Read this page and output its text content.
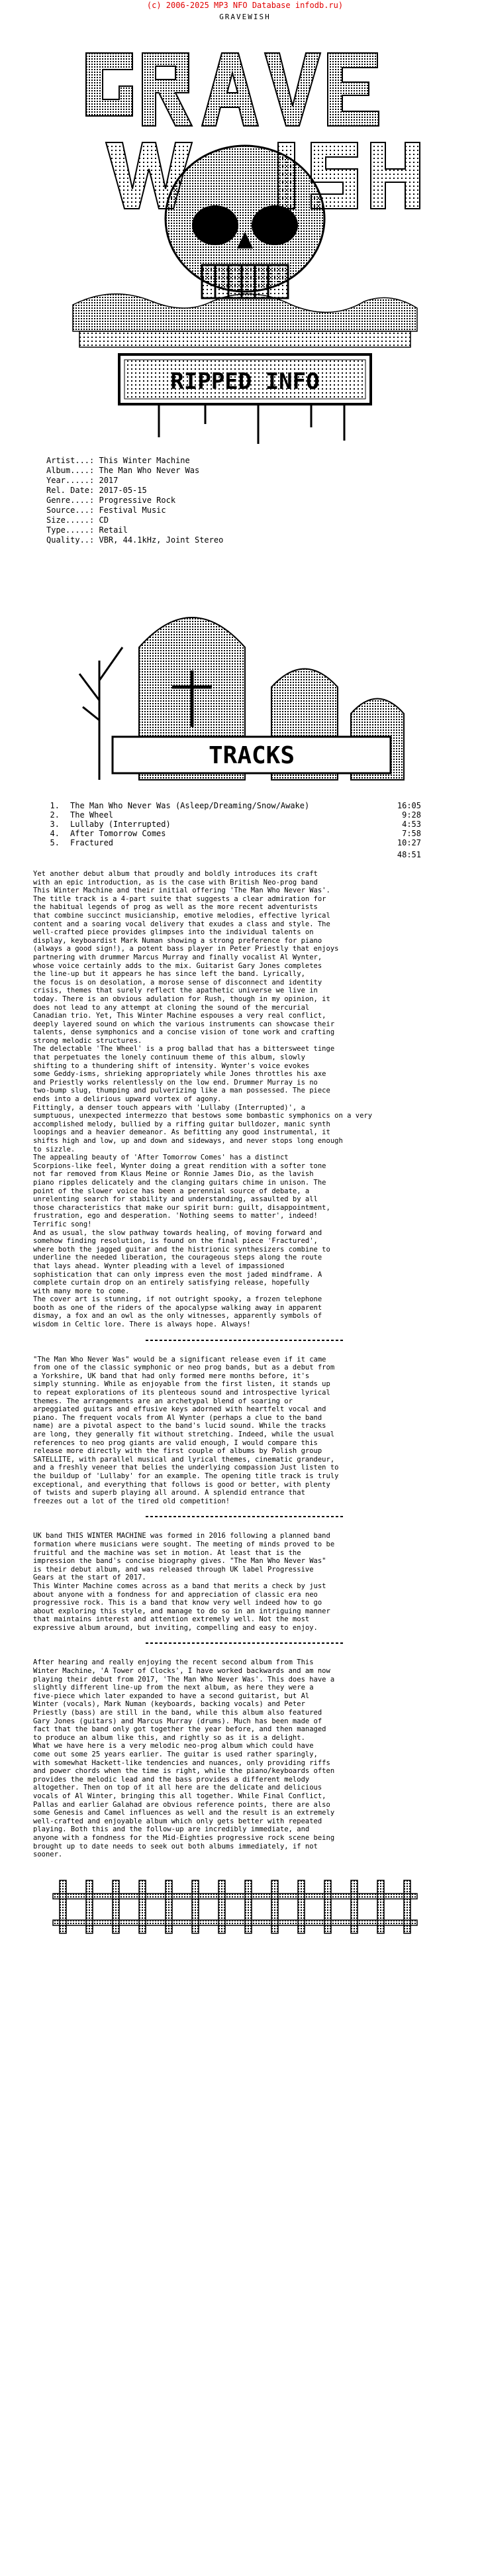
(c) 2006-2025 MP3 NFO Database infodb.ru)
GRAVEWISH
RIPPED INFO
Artist...: This Winter Machine
Album....: The Man Who Never Was
Year.....: 2017
Rel. Date: 2017-05-15
Genre....: Progressive Rock
Source...: Festival Music
Size.....: CD
Type.....: Retail
Quality..: VBR, 44.1kHz, Joint Stereo
TRACKS
1.	The Man Who Never Was (Asleep/Dreaming/Snow/Awake)	16:05
2.	The Wheel	9:28
3.	Lullaby (Interrupted)	4:53
4.	After Tomorrow Comes	7:58
5.	Fractured	10:27
48:51
Yet another debut album that proudly and boldly introduces its craft
with an epic introduction, as is the case with British Neo-prog band
This Winter Machine and their initial offering 'The Man Who Never Was'.
The title track is a 4-part suite that suggests a clear admiration for
the habitual legends of prog as well as the more recent adventurists
that combine succinct musicianship, emotive melodies, effective lyrical
content and a soaring vocal delivery that exudes a class and style. The
well-crafted piece provides glimpses into the individual talents on
display, keyboardist Mark Numan showing a strong preference for piano
(always a good sign!), a potent bass player in Peter Priestly that enjoys
partnering with drummer Marcus Murray and finally vocalist Al Wynter,
whose voice certainly adds to the mix. Guitarist Gary Jones completes
the line-up but it appears he has since left the band. Lyrically,
the focus is on desolation, a morose sense of disconnect and identity
crisis, themes that surely reflect the apathetic universe we live in
today. There is an obvious adulation for Rush, though in my opinion, it
does not lead to any attempt at cloning the sound of the mercurial
Canadian trio. Yet, This Winter Machine espouses a very real conflict,
deeply layered sound on which the various instruments can showcase their
talents, dense symphonics and a concise vision of tone work and crafting
strong melodic structures.
The delectable 'The Wheel' is a prog ballad that has a bittersweet tinge
that perpetuates the lonely continuum theme of this album, slowly
shifting to a thundering shift of intensity. Wynter's voice evokes
some Geddy-isms, shrieking appropriately while Jones throttles his axe
and Priestly works relentlessly on the low end. Drummer Murray is no
two-bump slug, thumping and pulverizing like a man possessed. The piece
ends into a delirious upward vortex of agony.
Fittingly, a denser touch appears with 'Lullaby (Interrupted)', a
sumptuous, unexpected intermezzo that bestows some bombastic symphonics on a very
accomplished melody, bullied by a riffing guitar bulldozer, manic synth
loopings and a heavier demeanor. As befitting any good instrumental, it
shifts high and low, up and down and sideways, and never stops long enough
to sizzle.
The appealing beauty of 'After Tomorrow Comes' has a distinct
Scorpions-like feel, Wynter doing a great rendition with a softer tone
not far removed from Klaus Meine or Ronnie James Dio, as the lavish
piano ripples delicately and the clanging guitars chime in unison. The
point of the slower voice has been a perennial source of debate, a
unrelenting search for stability and understanding, assaulted by all
those characteristics that make our spirit burn: guilt, disappointment,
frustration, ego and desperation. 'Nothing seems to matter', indeed!
Terrific song!
And as usual, the slow pathway towards healing, of moving forward and
somehow finding resolution, is found on the final piece 'Fractured',
where both the jagged guitar and the histrionic synthesizers combine to
underline the needed liberation, the courageous steps along the route
that lays ahead. Wynter pleading with a level of impassioned
sophistication that can only impress even the most jaded mindframe. A
complete curtain drop on an entirely satisfying release, hopefully
with many more to come.
The cover art is stunning, if not outright spooky, a frozen telephone
booth as one of the riders of the apocalypse walking away in apparent
dismay, a fox and an owl as the only witnesses, apparently symbols of
wisdom in Celtic lore. There is always hope. Always!
"The Man Who Never Was" would be a significant release even if it came
from one of the classic symphonic or neo prog bands, but as a debut from
a Yorkshire, UK band that had only formed mere months before, it's
simply stunning. While as enjoyable from the first listen, it stands up
to repeat explorations of its plenteous sound and introspective lyrical
themes. The arrangements are an archetypal blend of soaring or
arpeggiated guitars and effusive keys adorned with heartfelt vocal and
piano. The frequent vocals from Al Wynter (perhaps a clue to the band
name) are a pivotal aspect to the band's lucid sound. While the tracks
are long, they generally fit without stretching. Indeed, while the usual
references to neo prog giants are valid enough, I would compare this
release more directly with the first couple of albums by Polish group
SATELLITE, with parallel musical and lyrical themes, cinematic grandeur,
and a freshly veneer that belies the underlying compassion Just listen to
the buildup of 'Lullaby' for an example. The opening title track is truly
exceptional, and everything that follows is good or better, with plenty
of twists and superb playing all around. A splendid entrance that
freezes out a lot of the tired old competition!
UK band THIS WINTER MACHINE was formed in 2016 following a planned band
formation where musicians were sought. The meeting of minds proved to be
fruitful and the machine was set in motion. At least that is the
impression the band's concise biography gives. "The Man Who Never Was"
is their debut album, and was released through UK label Progressive
Gears at the start of 2017.
This Winter Machine comes across as a band that merits a check by just
about anyone with a fondness for and appreciation of classic era neo
progressive rock. This is a band that know very well indeed how to go
about exploring this style, and manage to do so in an intriguing manner
that maintains interest and attention extremely well. Not the most
expressive album around, but inviting, compelling and easy to enjoy.
After hearing and really enjoying the recent second album from This
Winter Machine, 'A Tower of Clocks', I have worked backwards and am now
playing their debut from 2017, 'The Man Who Never Was'. This does have a
slightly different line-up from the next album, as here they were a
five-piece which later expanded to have a second guitarist, but Al
Winter (vocals), Mark Numan (keyboards, backing vocals) and Peter
Priestly (bass) are still in the band, while this album also featured
Gary Jones (guitars) and Marcus Murray (drums). Much has been made of
fact that the band only got together the year before, and then managed
to produce an album like this, and rightly so as it is a delight.
What we have here is a very melodic neo-prog album which could have
come out some 25 years earlier. The guitar is used rather sparingly,
with somewhat Hackett-like tendencies and nuances, only providing riffs
and power chords when the time is right, while the piano/keyboards often
provides the melodic lead and the bass provides a different melody
altogether. Then on top of it all here are the delicate and delicious
vocals of Al Winter, bringing this all together. While Final Conflict,
Pallas and earlier Galahad are obvious reference points, there are also
some Genesis and Camel influences as well and the result is an extremely
well-crafted and enjoyable album which only gets better with repeated
playing. Both this and the follow-up are incredibly immediate, and
anyone with a fondness for the Mid-Eighties progressive rock scene being
brought up to date needs to seek out both albums immediately, if not
sooner.
